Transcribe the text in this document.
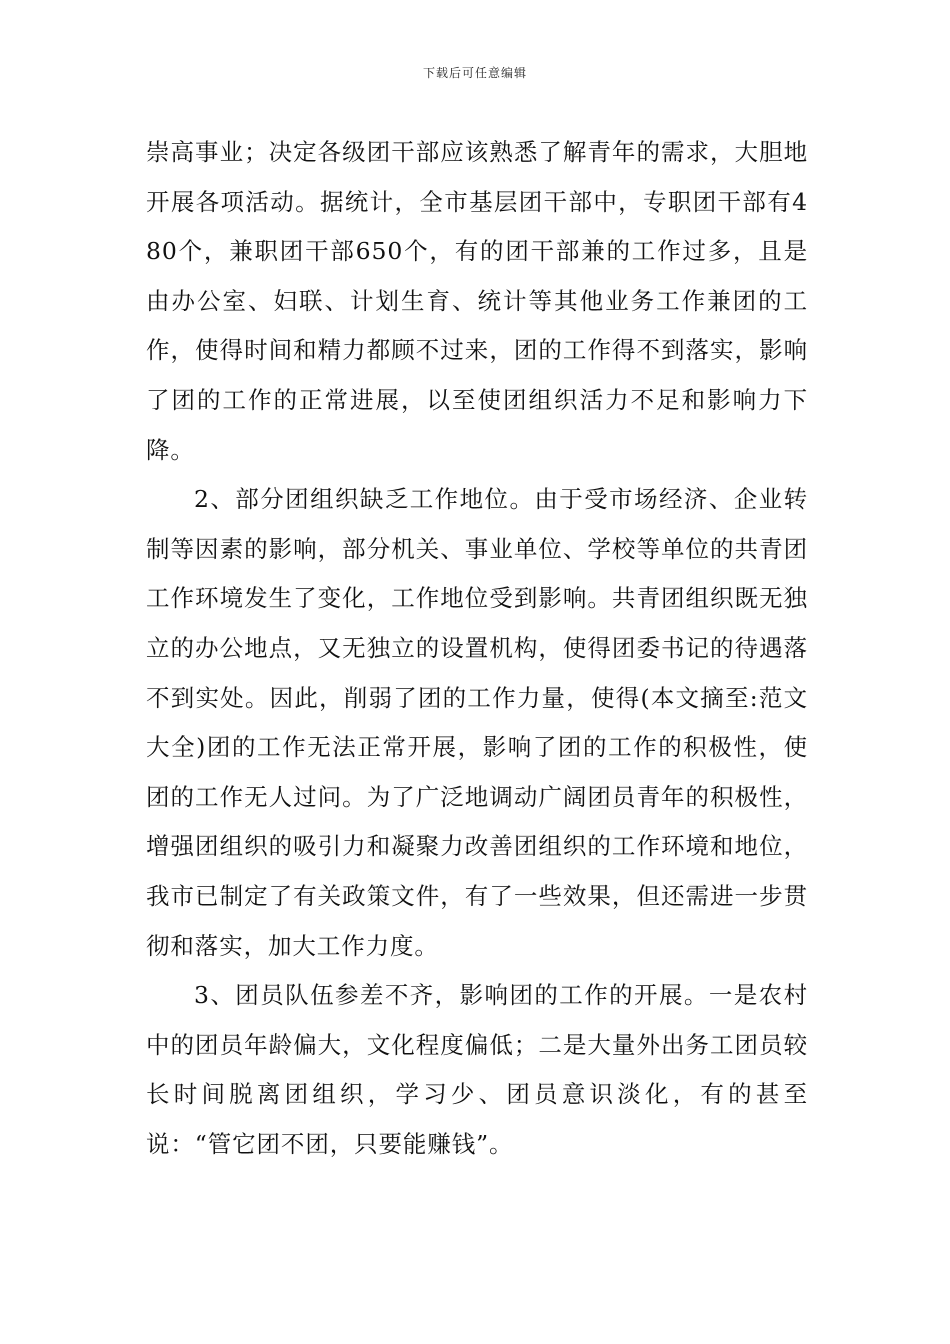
下载后可任意编辑

崇高事业；决定各级团干部应该熟悉了解青年的需求，大胆地开展各项活动。据统计，全市基层团干部中，专职团干部有480个，兼职团干部650个，有的团干部兼的工作过多，且是由办公室、妇联、计划生育、统计等其他业务工作兼团的工作，使得时间和精力都顾不过来，团的工作得不到落实，影响了团的工作的正常进展，以至使团组织活力不足和影响力下降。

2、部分团组织缺乏工作地位。由于受市场经济、企业转制等因素的影响，部分机关、事业单位、学校等单位的共青团工作环境发生了变化，工作地位受到影响。共青团组织既无独立的办公地点，又无独立的设置机构，使得团委书记的待遇落不到实处。因此，削弱了团的工作力量，使得(本文摘至:范文大全)团的工作无法正常开展，影响了团的工作的积极性，使团的工作无人过问。为了广泛地调动广阔团员青年的积极性，增强团组织的吸引力和凝聚力改善团组织的工作环境和地位，我市已制定了有关政策文件，有了一些效果，但还需进一步贯彻和落实，加大工作力度。

3、团员队伍参差不齐，影响团的工作的开展。一是农村中的团员年龄偏大，文化程度偏低；二是大量外出务工团员较长时间脱离团组织，学习少、团员意识淡化，有的甚至说：“管它团不团，只要能赚钱”。
